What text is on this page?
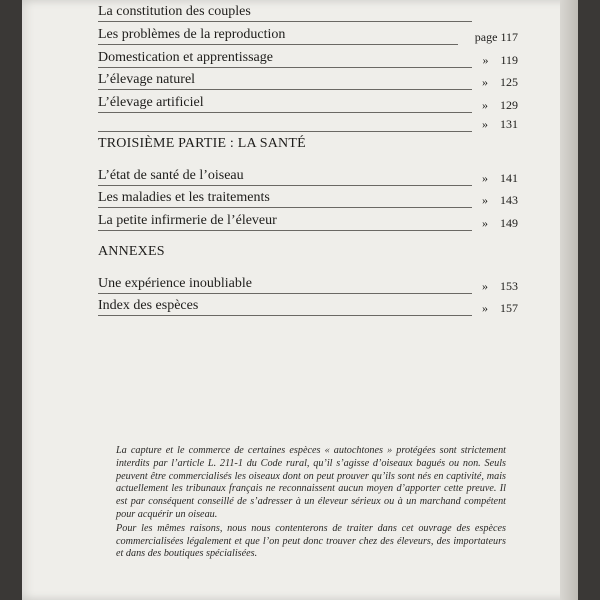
La constitution des couples
Les problèmes de la reproduction	page 117
Domestication et apprentissage	» 119
L’élevage naturel	» 125
L’élevage artificiel	» 129
» 131
TROISIÈME PARTIE : LA SANTÉ
L’état de santé de l’oiseau	» 141
Les maladies et les traitements	» 143
La petite infirmerie de l’éleveur	» 149
ANNEXES
Une expérience inoubliable	» 153
Index des espèces	» 157

La capture et le commerce de certaines espèces « autochtones » protégées sont strictement interdits par l’article L. 211-1 du Code rural, qu’il s’agisse d’oiseaux bagués ou non. Seuls peuvent être commercialisés les oiseaux dont on peut prouver qu’ils sont nés en captivité, mais actuellement les tribunaux français ne reconnaissent aucun moyen d’apporter cette preuve. Il est par conséquent conseillé de s’adresser à un éleveur sérieux ou à un marchand compétent pour acquérir un oiseau.

Pour les mêmes raisons, nous nous contenterons de traiter dans cet ouvrage des espèces commercialisées légalement et que l’on peut donc trouver chez des éleveurs, des importateurs et dans des boutiques spécialisées.
